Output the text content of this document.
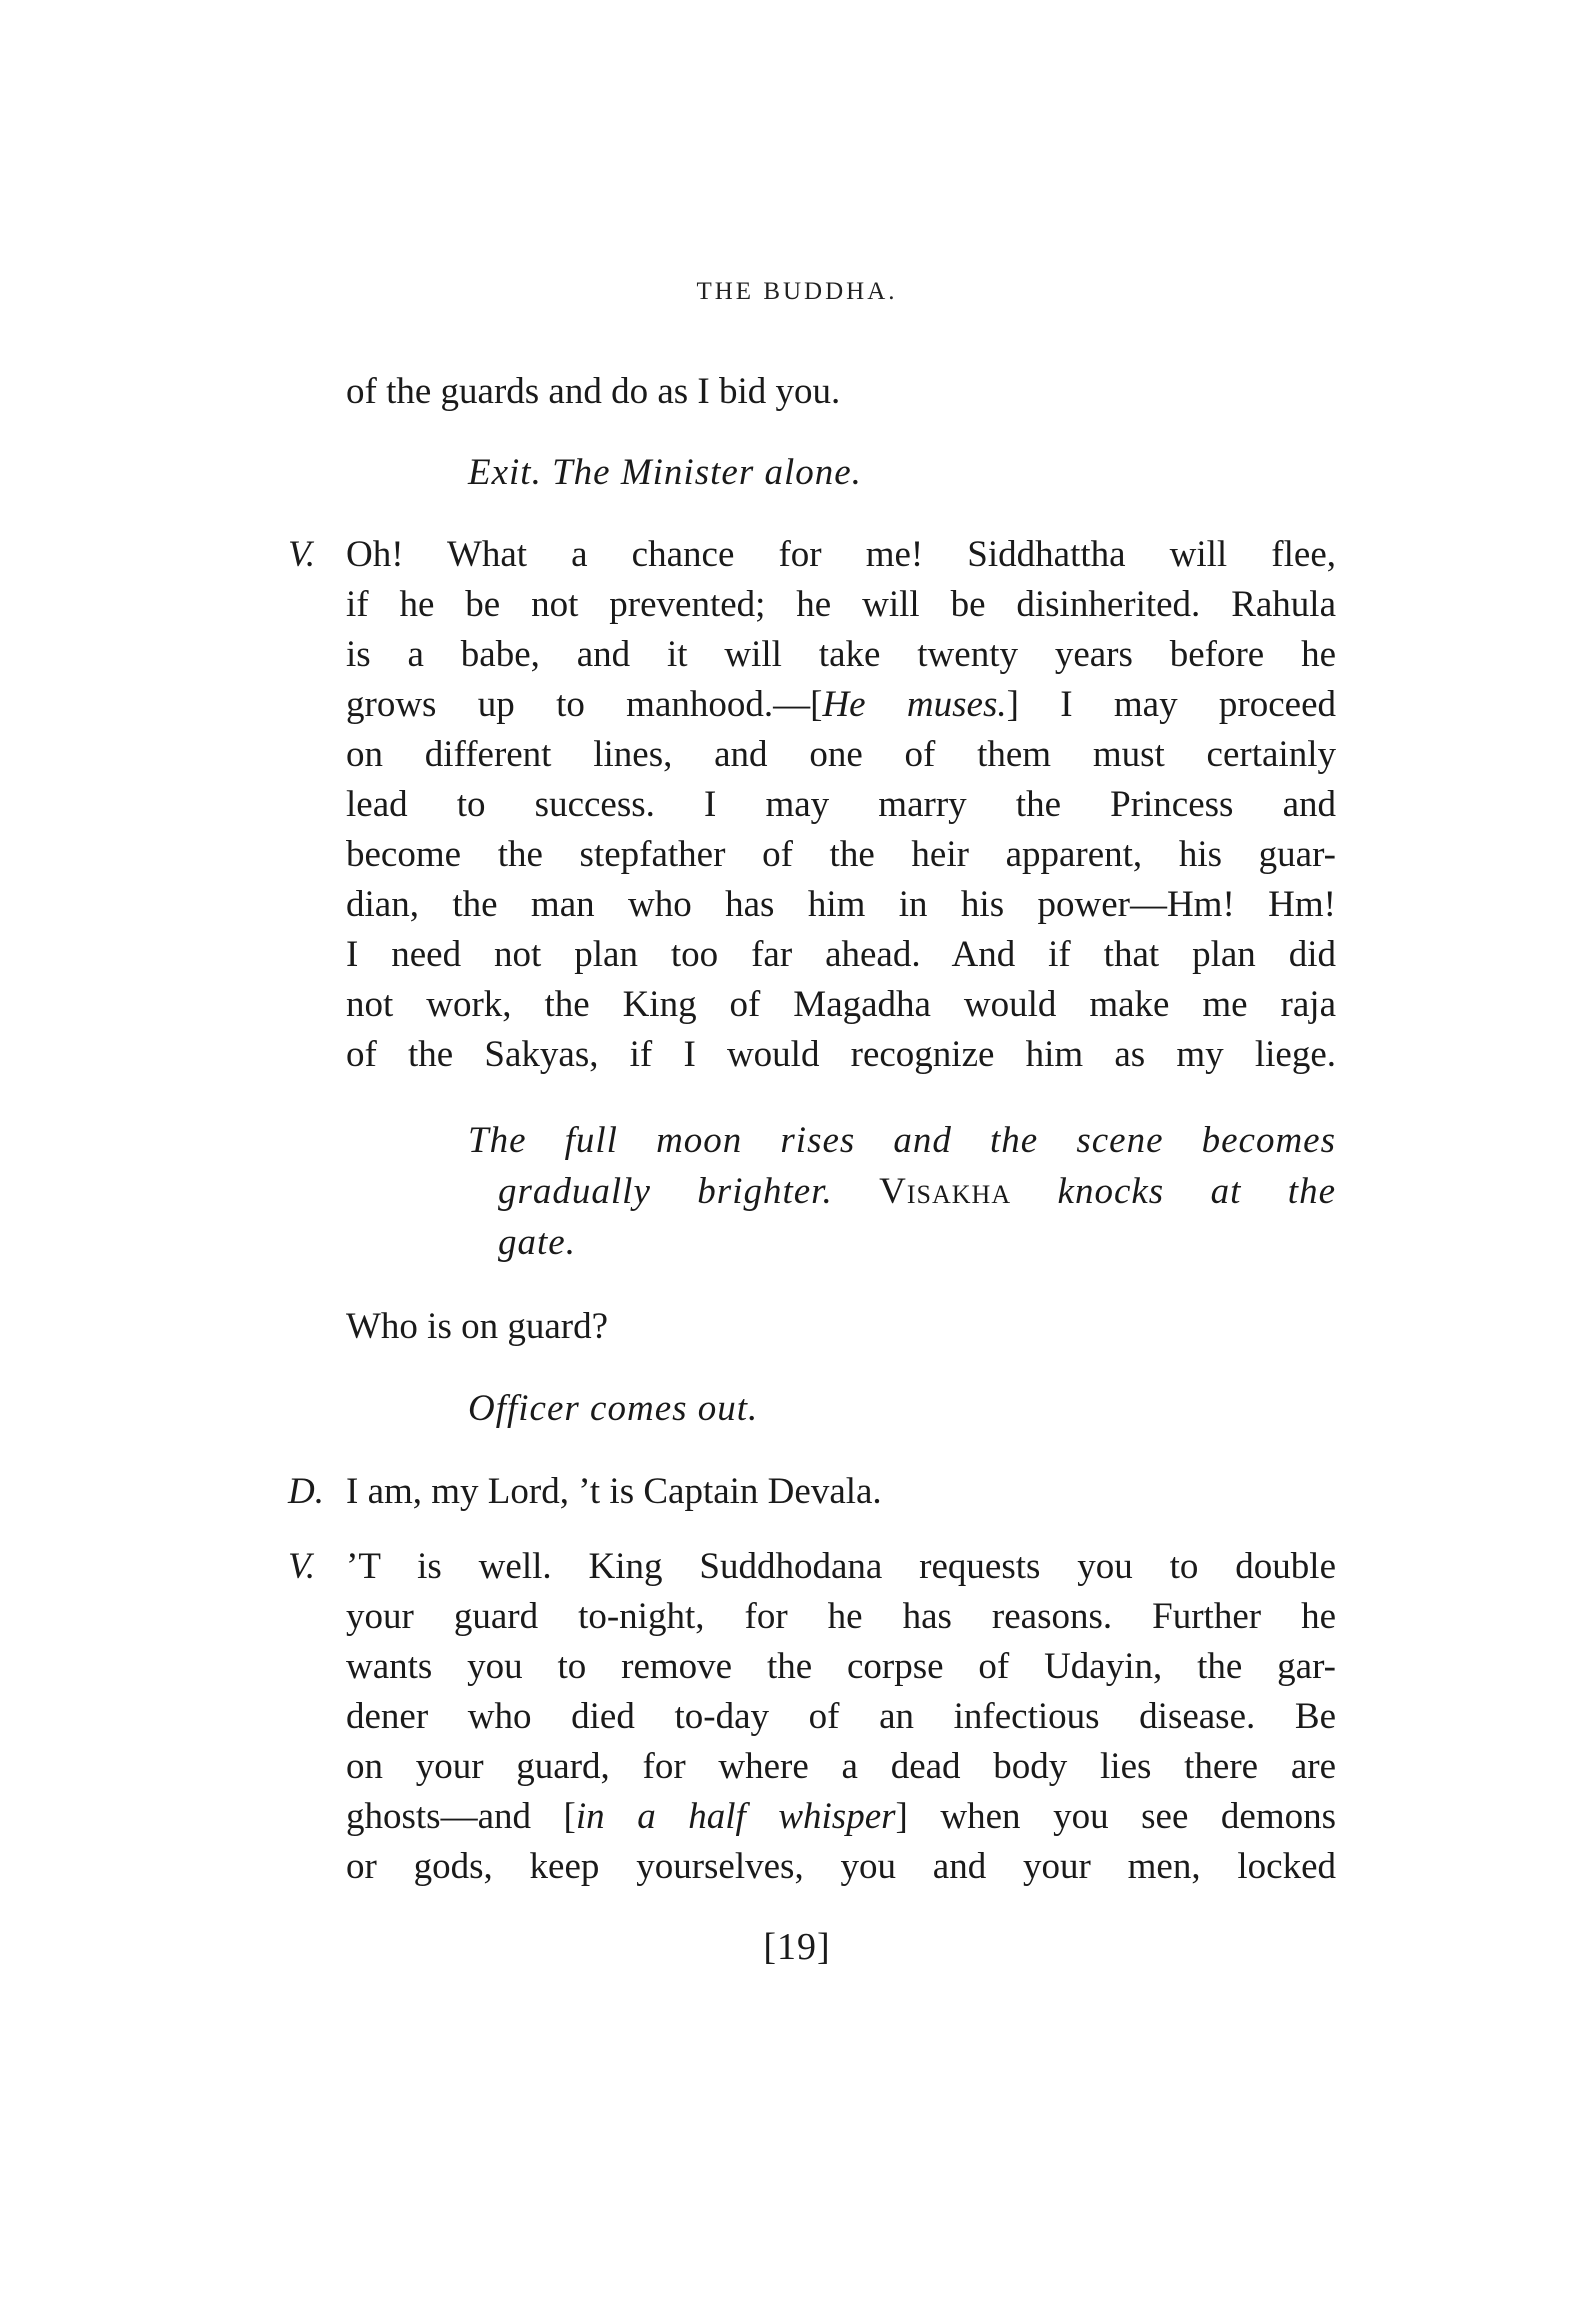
THE BUDDHA.
of the guards and do as I bid you.
Exit. The Minister alone.
V. Oh! What a chance for me! Siddhattha will flee,
if he be not prevented; he will be disinherited. Rahula
is a babe, and it will take twenty years before he
grows up to manhood.—[He muses.] I may proceed
on different lines, and one of them must certainly
lead to success. I may marry the Princess and
become the stepfather of the heir apparent, his guar-
dian, the man who has him in his power—Hm! Hm!
I need not plan too far ahead. And if that plan did
not work, the King of Magadha would make me raja
of the Sakyas, if I would recognize him as my liege.
The full moon rises and the scene becomes
gradually brighter. Visakha knocks at the
gate.
Who is on guard?
Officer comes out.
D. I am, my Lord, ’t is Captain Devala.
V. ’T is well. King Suddhodana requests you to double
your guard to-night, for he has reasons. Further he
wants you to remove the corpse of Udayin, the gar-
dener who died to-day of an infectious disease. Be
on your guard, for where a dead body lies there are
ghosts—and [in a half whisper] when you see demons
or gods, keep yourselves, you and your men, locked
[19]
